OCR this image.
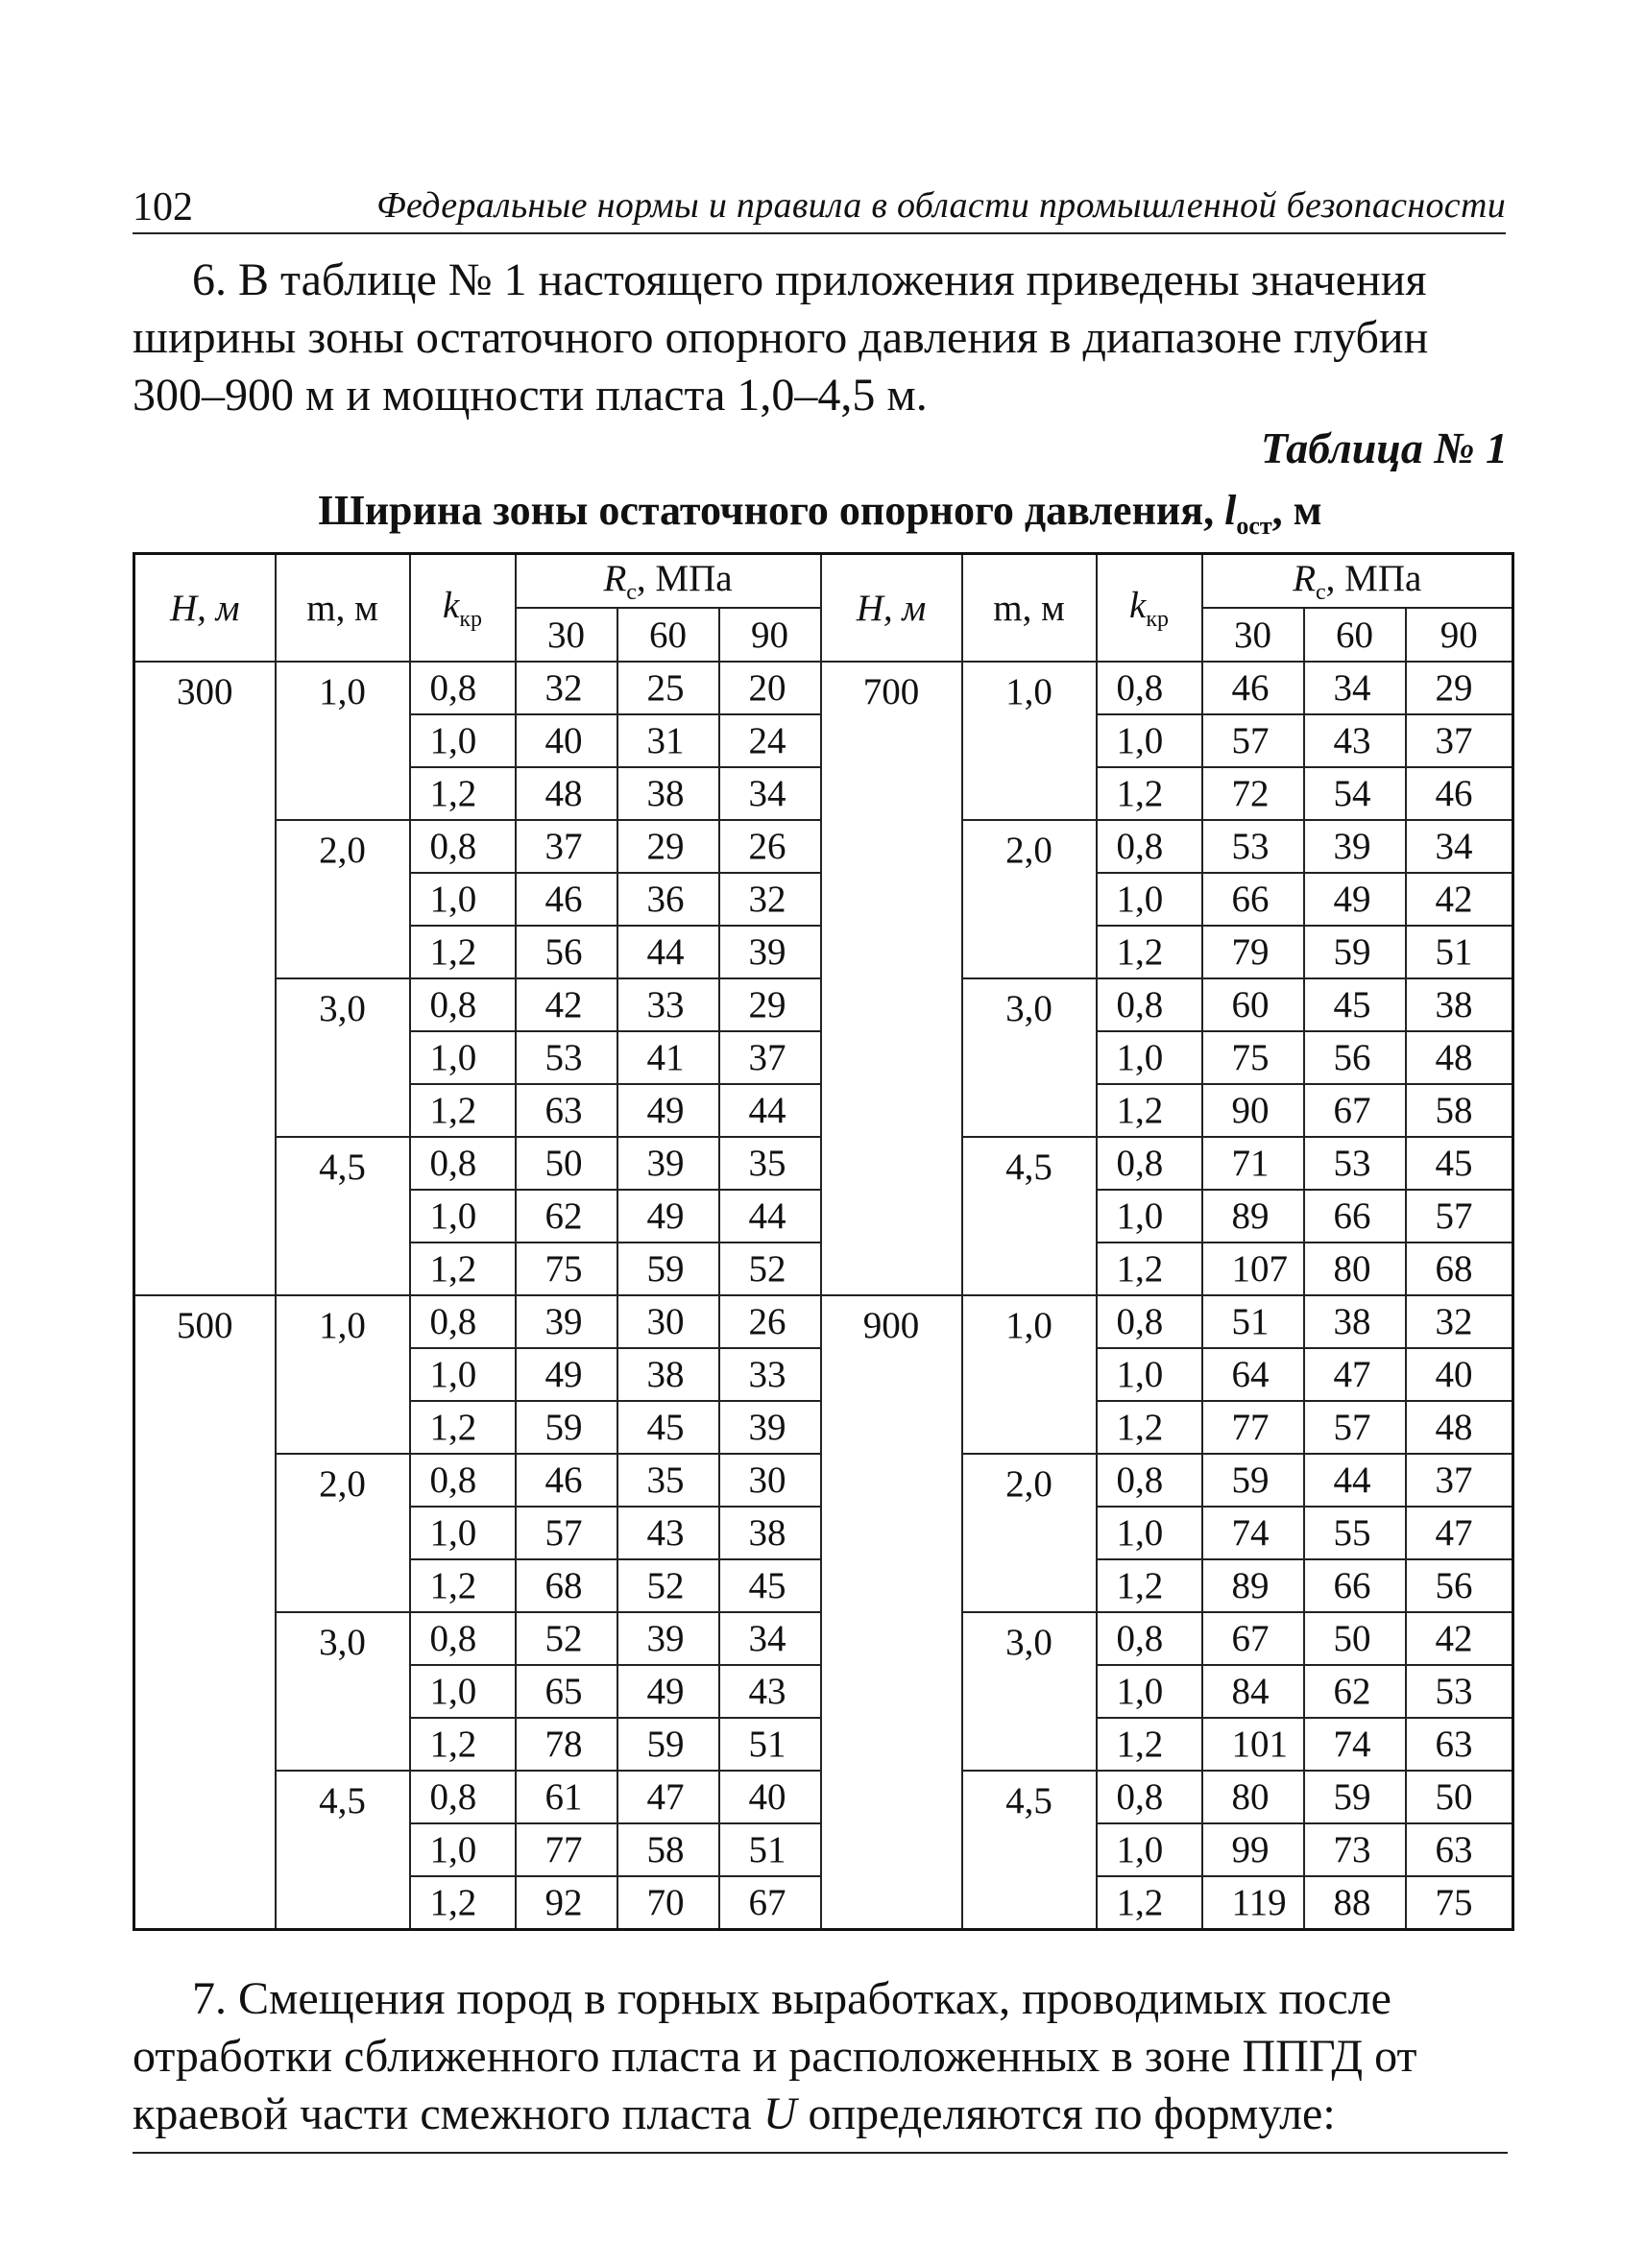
102	Федеральные нормы и правила в области промышленной безопасности
6. В таблице № 1 настоящего приложения приведены значения
ширины зоны остаточного опорного давления в диапазоне глубин
300–900 м и мощности пласта 1,0–4,5 м.
Таблица № 1
Ширина зоны остаточного опорного давления, $l_{ост}$, м
Н, м	m, м	$k_{кр}$	$R_с$, МПа			Н, м	m, м	$k_{кр}$	$R_с$, МПа		
			30	60	90				30	60	90
300	1,0	0,8	32	25	20	700	1,0	0,8	46	34	29
		1,0	40	31	24			1,0	57	43	37
		1,2	48	38	34			1,2	72	54	46
	2,0	0,8	37	29	26		2,0	0,8	53	39	34
		1,0	46	36	32			1,0	66	49	42
		1,2	56	44	39			1,2	79	59	51
	3,0	0,8	42	33	29		3,0	0,8	60	45	38
		1,0	53	41	37			1,0	75	56	48
		1,2	63	49	44			1,2	90	67	58
	4,5	0,8	50	39	35		4,5	0,8	71	53	45
		1,0	62	49	44			1,0	89	66	57
		1,2	75	59	52			1,2	107	80	68
500	1,0	0,8	39	30	26	900	1,0	0,8	51	38	32
		1,0	49	38	33			1,0	64	47	40
		1,2	59	45	39			1,2	77	57	48
	2,0	0,8	46	35	30		2,0	0,8	59	44	37
		1,0	57	43	38			1,0	74	55	47
		1,2	68	52	45			1,2	89	66	56
	3,0	0,8	52	39	34		3,0	0,8	67	50	42
		1,0	65	49	43			1,0	84	62	53
		1,2	78	59	51			1,2	101	74	63
	4,5	0,8	61	47	40		4,5	0,8	80	59	50
		1,0	77	58	51			1,0	99	73	63
		1,2	92	70	67			1,2	119	88	75
7. Смещения пород в горных выработках, проводимых после
отработки сближенного пласта и расположенных в зоне ППГД от
краевой части смежного пласта U определяются по формуле:
